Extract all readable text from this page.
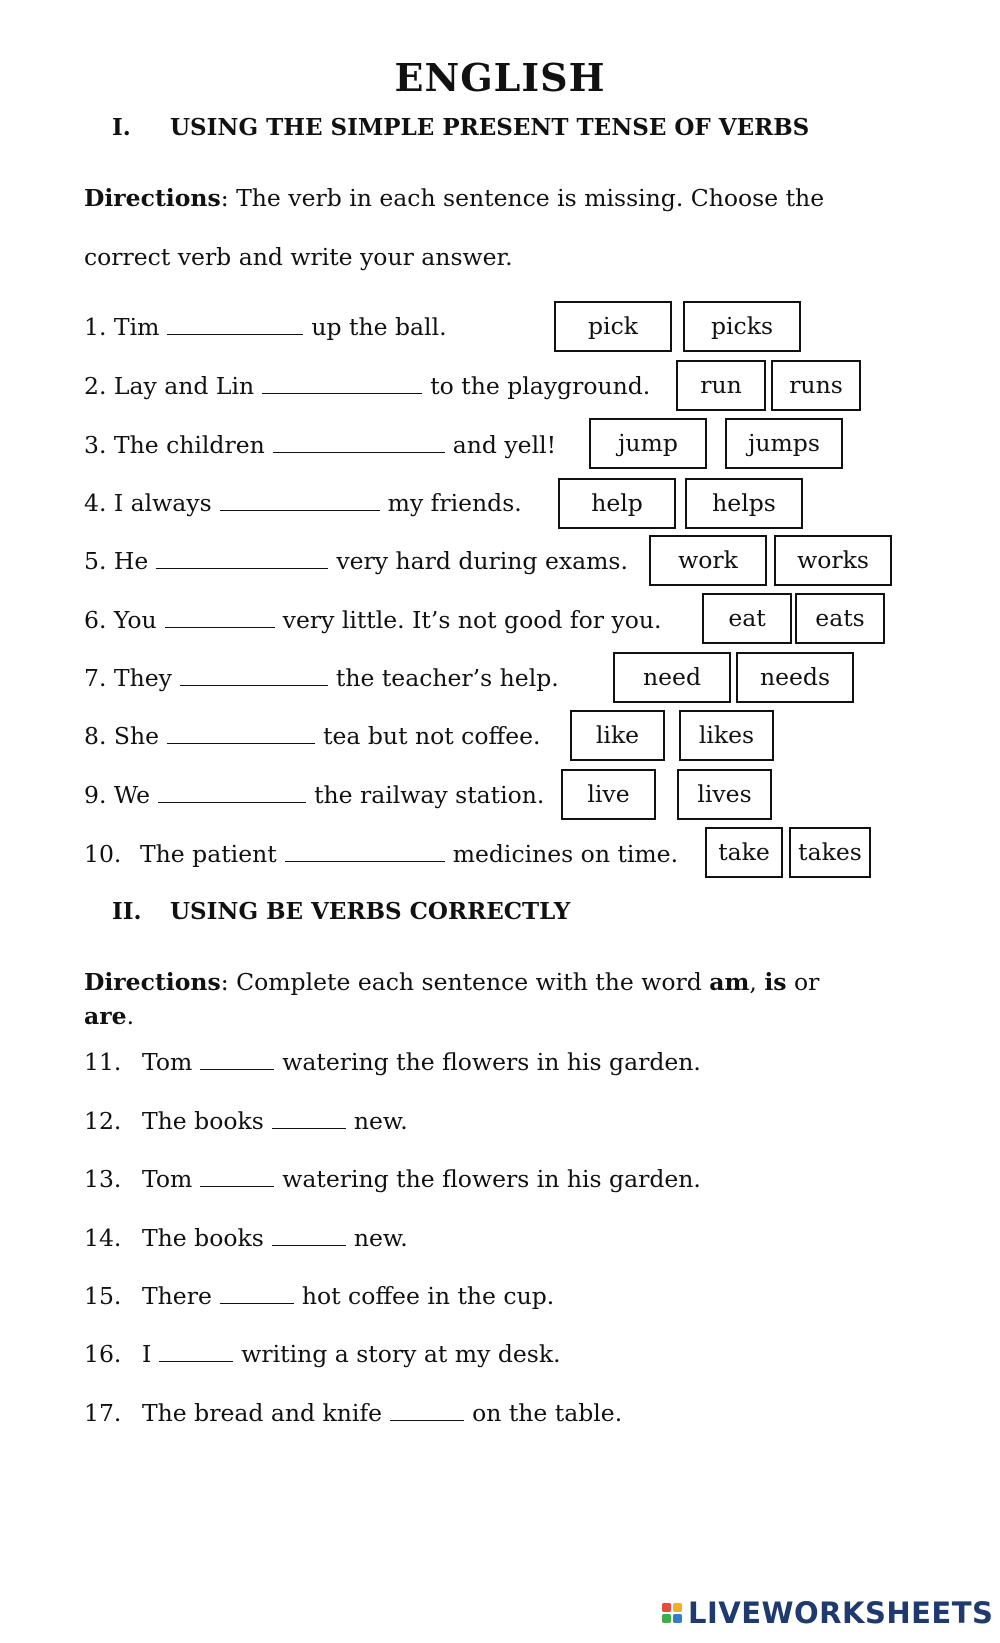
ENGLISH
I. USING THE SIMPLE PRESENT TENSE OF VERBS
Directions: The verb in each sentence is missing. Choose the
correct verb and write your answer.
1. Tim	up the ball.	pick	picks
2. Lay and Lin	to the playground.	run	runs
3. The children	and yell!	jump	jumps
4. I always	my friends.	help	helps
5. He	very hard during exams.	work	works
6. You	very little. It’s not good for you.	eat	eats
7. They	the teacher’s help.	need	needs
8. She	tea but not coffee.	like	likes
9. We	the railway station.	live	lives
10. The patient	medicines on time.	take	takes
II. USING BE VERBS CORRECTLY
Directions: Complete each sentence with the word am, is or
are.
11. Tom	watering the flowers in his garden.
12. The books	new.
13. Tom	watering the flowers in his garden.
14. The books	new.
15. There	hot coffee in the cup.
16. I	writing a story at my desk.
17. The bread and knife	on the table.
LIVEWORKSHEETS
